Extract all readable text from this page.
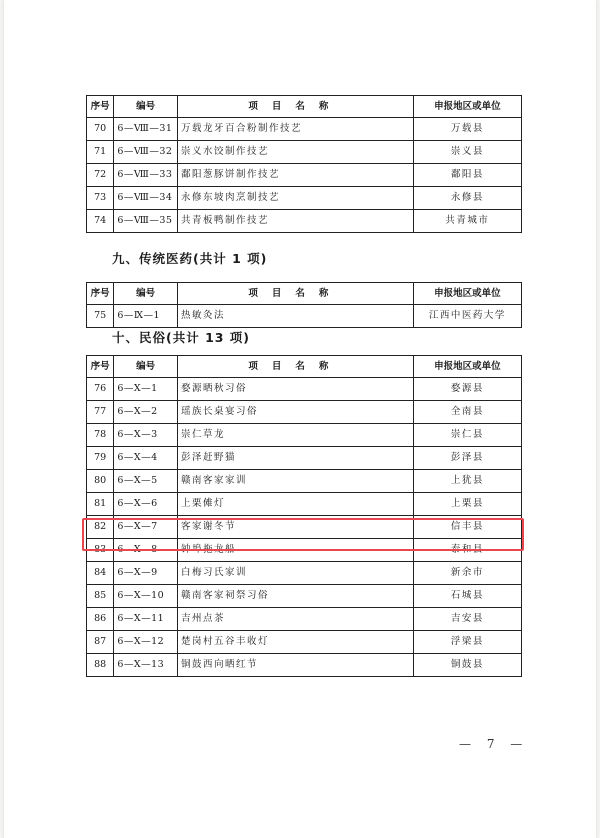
序号	编号	项目名称	申报地区或单位
70	6—Ⅷ—31	万载龙牙百合粉制作技艺	万载县
71	6—Ⅷ—32	崇义水饺制作技艺	崇义县
72	6—Ⅷ—33	鄱阳葱豚饼制作技艺	鄱阳县
73	6—Ⅷ—34	永修东坡肉烹制技艺	永修县
74	6—Ⅷ—35	共青板鸭制作技艺	共青城市
九、传统医药(共计 1 项)
序号	编号	项目名称	申报地区或单位
75	6—Ⅸ—1	热敏灸法	江西中医药大学
十、民俗(共计 13 项)
序号	编号	项目名称	申报地区或单位
76	6—Ⅹ—1	婺源晒秋习俗	婺源县
77	6—Ⅹ—2	瑶族长桌宴习俗	全南县
78	6—Ⅹ—3	崇仁草龙	崇仁县
79	6—Ⅹ—4	彭泽赶野猫	彭泽县
80	6—Ⅹ—5	赣南客家家训	上犹县
81	6—Ⅹ—6	上栗傩灯	上栗县
82	6—Ⅹ—7	客家谢冬节	信丰县
83	6—Ⅹ—8	钟埠拖龙船	泰和县
84	6—Ⅹ—9	白梅习氏家训	新余市
85	6—Ⅹ—10	赣南客家祠祭习俗	石城县
86	6—Ⅹ—11	吉州点茶	吉安县
87	6—Ⅹ—12	楚岗村五谷丰收灯	浮梁县
88	6—Ⅹ—13	铜鼓西向晒红节	铜鼓县
— 7 —
